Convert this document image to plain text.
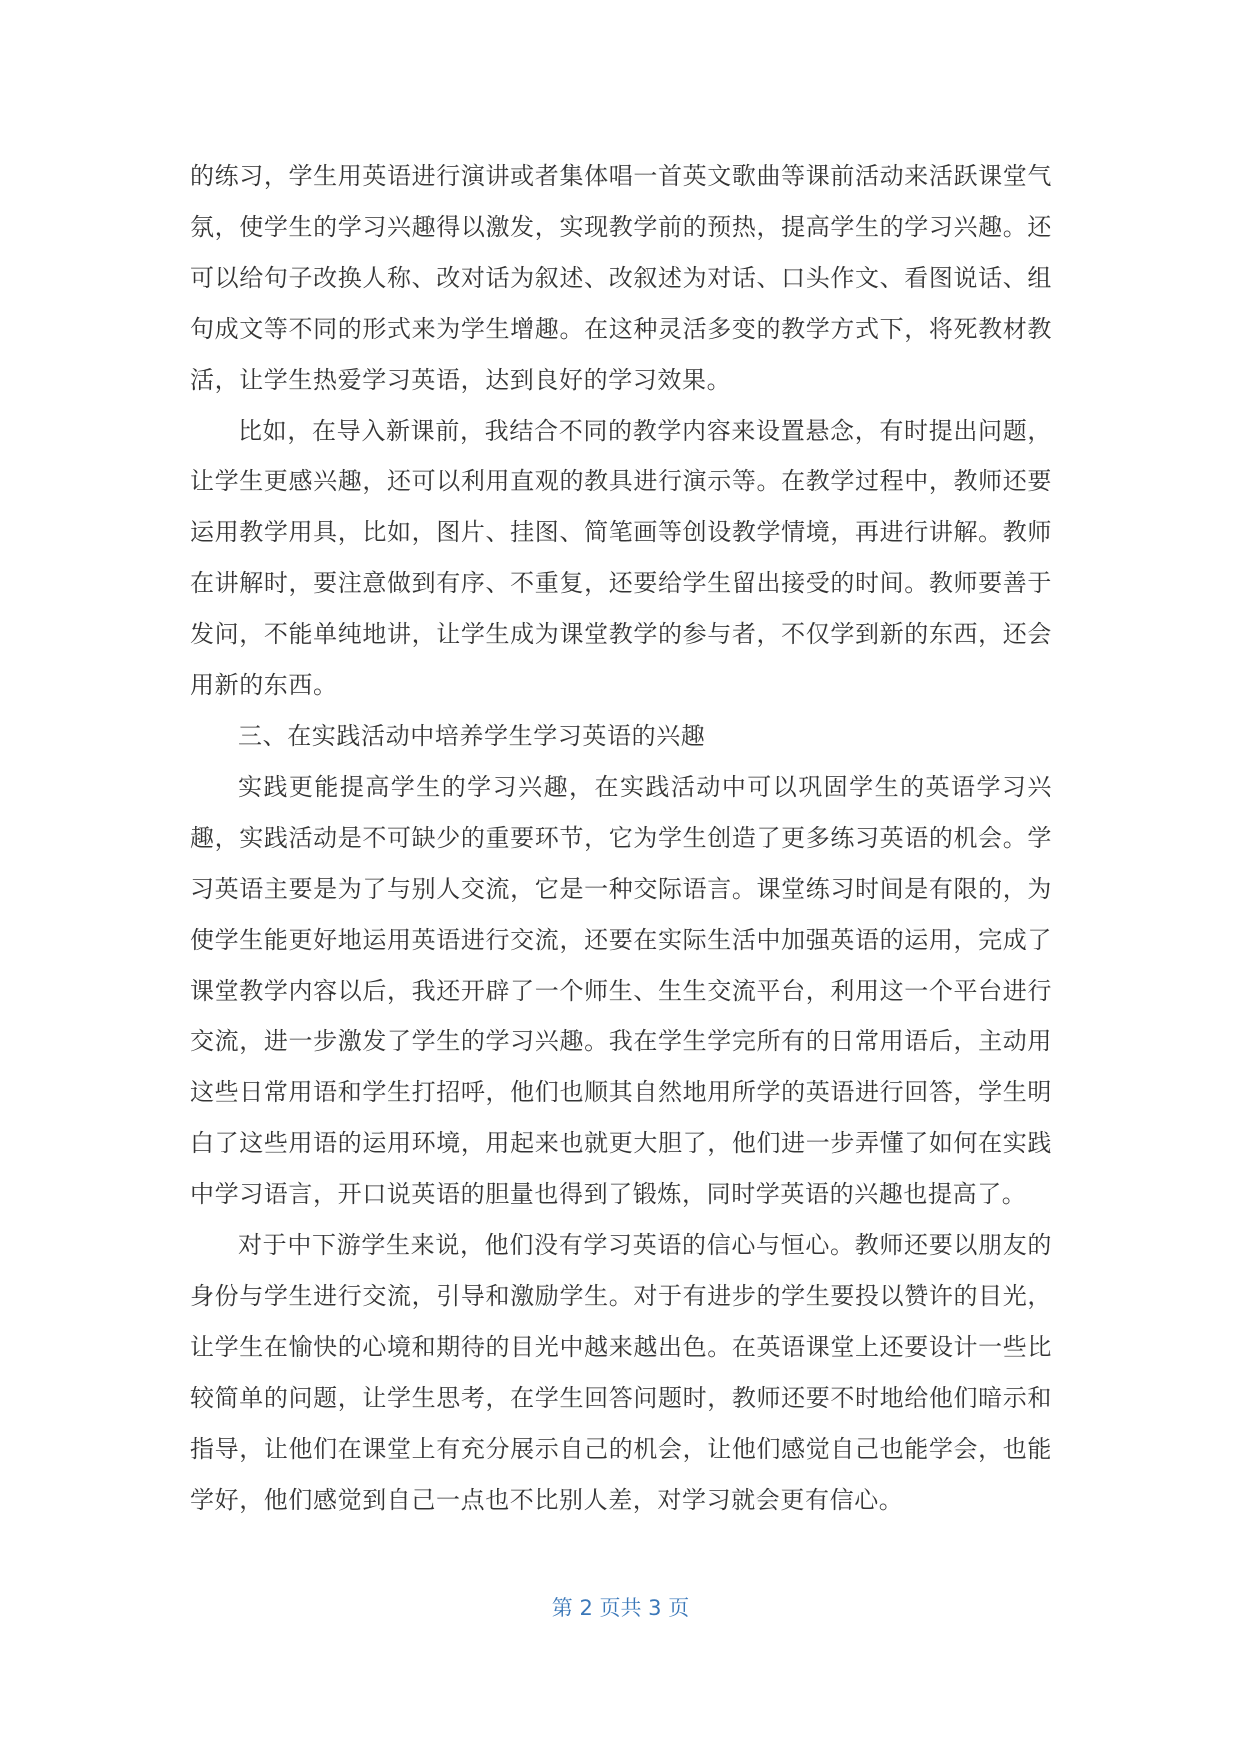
的练习，学生用英语进行演讲或者集体唱一首英文歌曲等课前活动来活跃课堂气氛，使学生的学习兴趣得以激发，实现教学前的预热，提高学生的学习兴趣。还可以给句子改换人称、改对话为叙述、改叙述为对话、口头作文、看图说话、组句成文等不同的形式来为学生增趣。在这种灵活多变的教学方式下，将死教材教活，让学生热爱学习英语，达到良好的学习效果。

比如，在导入新课前，我结合不同的教学内容来设置悬念，有时提出问题，让学生更感兴趣，还可以利用直观的教具进行演示等。在教学过程中，教师还要运用教学用具，比如，图片、挂图、简笔画等创设教学情境，再进行讲解。教师在讲解时，要注意做到有序、不重复，还要给学生留出接受的时间。教师要善于发问，不能单纯地讲，让学生成为课堂教学的参与者，不仅学到新的东西，还会用新的东西。

三、在实践活动中培养学生学习英语的兴趣

实践更能提高学生的学习兴趣，在实践活动中可以巩固学生的英语学习兴趣，实践活动是不可缺少的重要环节，它为学生创造了更多练习英语的机会。学习英语主要是为了与别人交流，它是一种交际语言。课堂练习时间是有限的，为使学生能更好地运用英语进行交流，还要在实际生活中加强英语的运用，完成了课堂教学内容以后，我还开辟了一个师生、生生交流平台，利用这一个平台进行交流，进一步激发了学生的学习兴趣。我在学生学完所有的日常用语后，主动用这些日常用语和学生打招呼，他们也顺其自然地用所学的英语进行回答，学生明白了这些用语的运用环境，用起来也就更大胆了，他们进一步弄懂了如何在实践中学习语言，开口说英语的胆量也得到了锻炼，同时学英语的兴趣也提高了。

对于中下游学生来说，他们没有学习英语的信心与恒心。教师还要以朋友的身份与学生进行交流，引导和激励学生。对于有进步的学生要投以赞许的目光，让学生在愉快的心境和期待的目光中越来越出色。在英语课堂上还要设计一些比较简单的问题，让学生思考，在学生回答问题时，教师还要不时地给他们暗示和指导，让他们在课堂上有充分展示自己的机会，让他们感觉自己也能学会，也能学好，他们感觉到自己一点也不比别人差，对学习就会更有信心。

第 2 页共 3 页
